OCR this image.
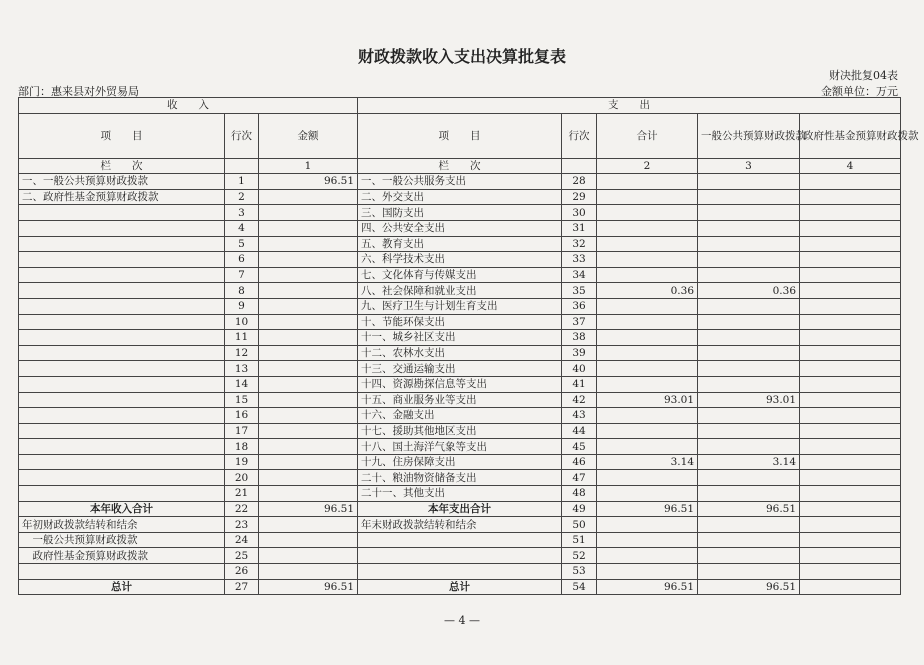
财政拨款收入支出决算批复表
财决批复04表
部门：惠来县对外贸易局	金额单位：万元
收　　入			支　　出				
项　　目	行次	金额	项　　目	行次	合计	一般公共预算财政拨款	政府性基金预算财政拨款
栏　　次		1	栏　　次		2	3	4
一、一般公共预算财政拨款	1	96.51	一、一般公共服务支出	28			
二、政府性基金预算财政拨款	2		二、外交支出	29			
	3		三、国防支出	30			
	4		四、公共安全支出	31			
	5		五、教育支出	32			
	6		六、科学技术支出	33			
	7		七、文化体育与传媒支出	34			
	8		八、社会保障和就业支出	35	0.36	0.36	
	9		九、医疗卫生与计划生育支出	36			
	10		十、节能环保支出	37			
	11		十一、城乡社区支出	38			
	12		十二、农林水支出	39			
	13		十三、交通运输支出	40			
	14		十四、资源勘探信息等支出	41			
	15		十五、商业服务业等支出	42	93.01	93.01	
	16		十六、金融支出	43			
	17		十七、援助其他地区支出	44			
	18		十八、国土海洋气象等支出	45			
	19		十九、住房保障支出	46	3.14	3.14	
	20		二十、粮油物资储备支出	47			
	21		二十一、其他支出	48			
本年收入合计	22	96.51	本年支出合计	49	96.51	96.51	
年初财政拨款结转和结余	23		年末财政拨款结转和结余	50			
　一般公共预算财政拨款	24			51			
　政府性基金预算财政拨款	25			52			
	26			53			
总计	27	96.51	总计	54	96.51	96.51	
— 4 —
